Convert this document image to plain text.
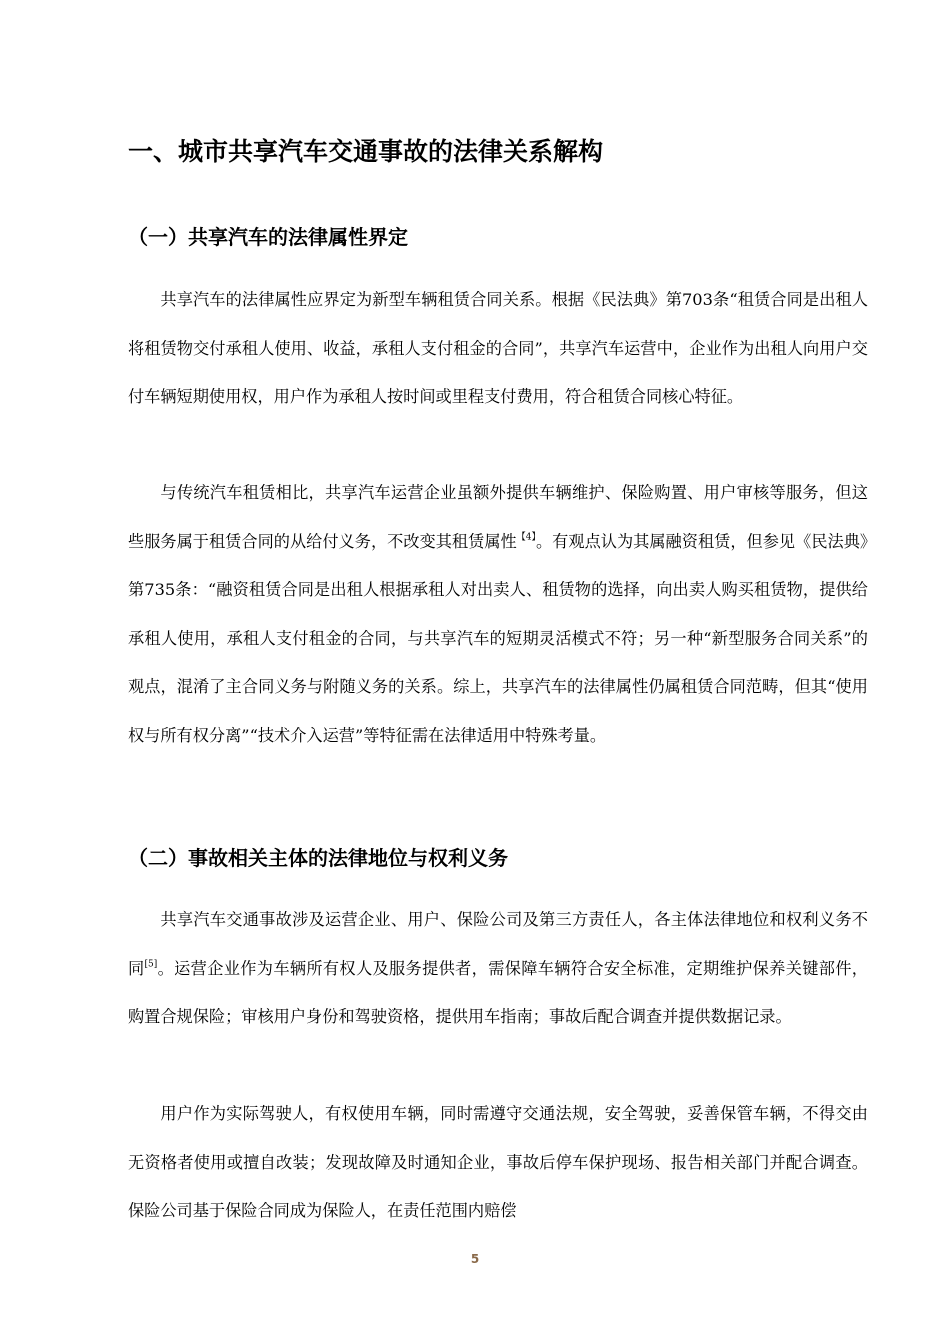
一、城市共享汽车交通事故的法律关系解构
（一）共享汽车的法律属性界定

共享汽车的法律属性应界定为新型车辆租赁合同关系。根据《民法典》第703条“租赁合同是出租人将租赁物交付承租人使用、收益，承租人支付租金的合同”，共享汽车运营中，企业作为出租人向用户交付车辆短期使用权，用户作为承租人按时间或里程支付费用，符合租赁合同核心特征。

与传统汽车租赁相比，共享汽车运营企业虽额外提供车辆维护、保险购置、用户审核等服务，但这些服务属于租赁合同的从给付义务，不改变其租赁属性$^{【4】}$。有观点认为其属融资租赁，但参见《民法典》第735条：“融资租赁合同是出租人根据承租人对出卖人、租赁物的选择，向出卖人购买租赁物，提供给承租人使用，承租人支付租金的合同，与共享汽车的短期灵活模式不符；另一种“新型服务合同关系”的观点，混淆了主合同义务与附随义务的关系。综上，共享汽车的法律属性仍属租赁合同范畴，但其“使用权与所有权分离”“技术介入运营”等特征需在法律适用中特殊考量。

（二）事故相关主体的法律地位与权利义务

共享汽车交通事故涉及运营企业、用户、保险公司及第三方责任人，各主体法律地位和权利义务不同[5]。运营企业作为车辆所有权人及服务提供者，需保障车辆符合安全标准，定期维护保养关键部件，购置合规保险；审核用户身份和驾驶资格，提供用车指南；事故后配合调查并提供数据记录。

用户作为实际驾驶人，有权使用车辆，同时需遵守交通法规，安全驾驶，妥善保管车辆，不得交由无资格者使用或擅自改装；发现故障及时通知企业，事故后停车保护现场、报告相关部门并配合调查。保险公司基于保险合同成为保险人，在责任范围内赔偿

5
